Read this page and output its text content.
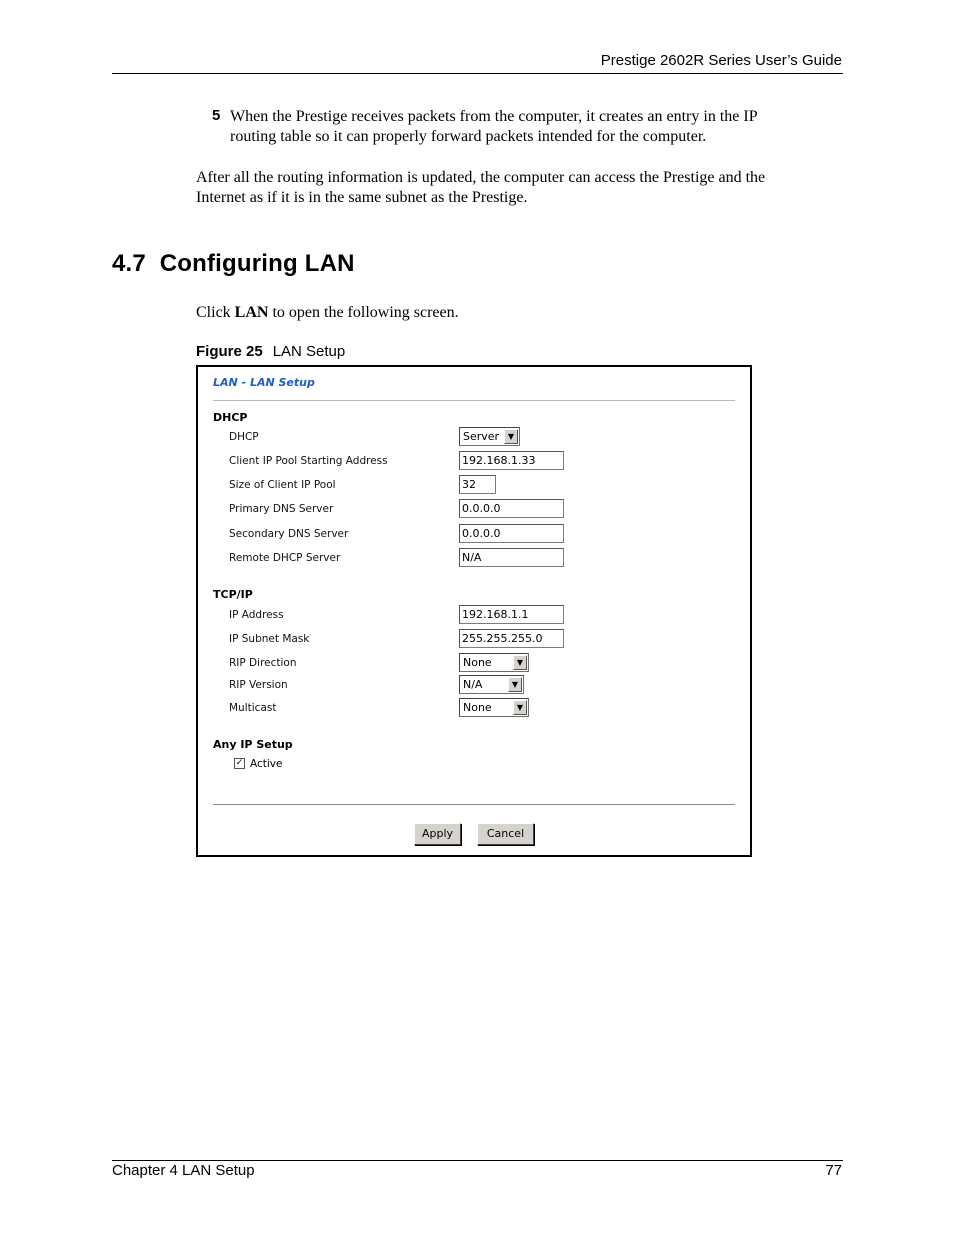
Prestige 2602R Series User’s Guide
5 When the Prestige receives packets from the computer, it creates an entry in the IP
routing table so it can properly forward packets intended for the computer.
After all the routing information is updated, the computer can access the Prestige and the
Internet as if it is in the same subnet as the Prestige.
4.7  Configuring LAN
Click LAN to open the following screen.
Figure 25 LAN Setup
LAN - LAN Setup
DHCP
DHCP	Server	▼
Client IP Pool Starting Address	192.168.1.33
Size of Client IP Pool	32
Primary DNS Server	0.0.0.0
Secondary DNS Server	0.0.0.0
Remote DHCP Server	N/A
TCP/IP
IP Address	192.168.1.1
IP Subnet Mask	255.255.255.0
RIP Direction	None	▼
RIP Version	N/A	▼
Multicast	None	▼
Any IP Setup
✓ Active
Apply	Cancel
Chapter 4 LAN Setup	77
